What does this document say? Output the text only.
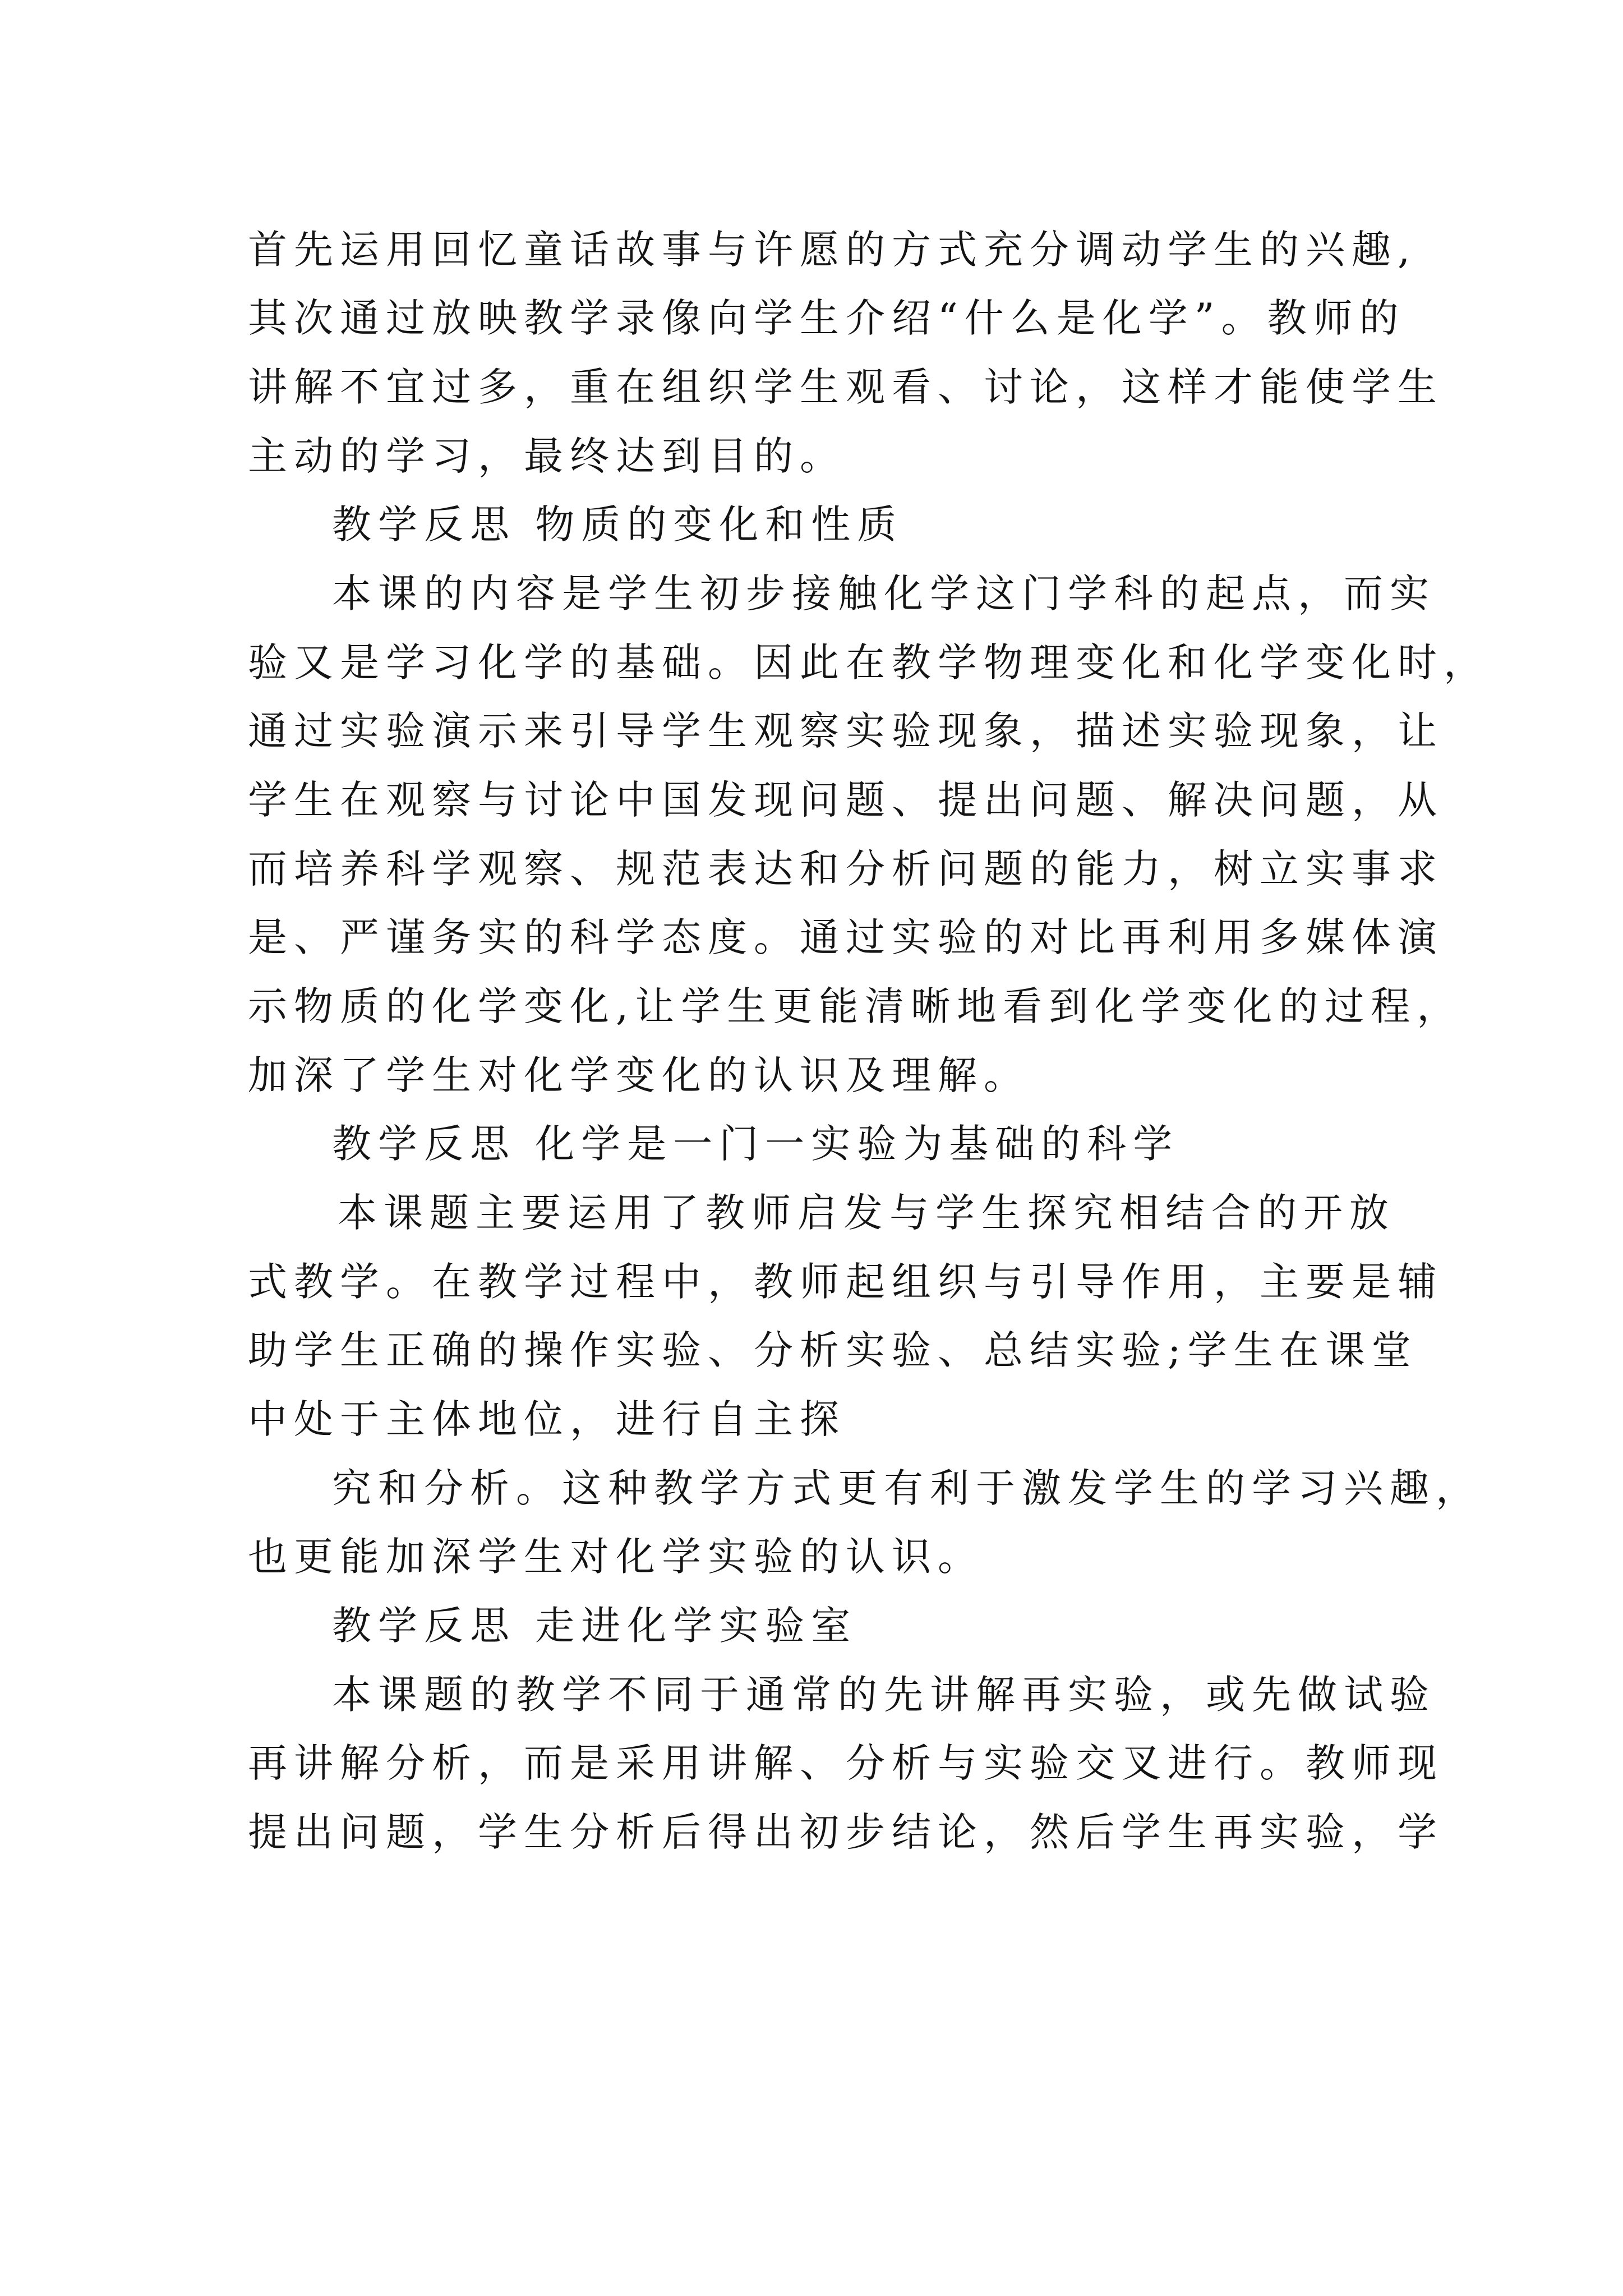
首先运用回忆童话故事与许愿的方式充分调动学生的兴趣,
其次通过放映教学录像向学生介绍“什么是化学”。教师的
讲解不宜过多，重在组织学生观看、讨论，这样才能使学生
主动的学习，最终达到目的。
教学反思 物质的变化和性质
本课的内容是学生初步接触化学这门学科的起点，而实
验又是学习化学的基础。因此在教学物理变化和化学变化时，
通过实验演示来引导学生观察实验现象，描述实验现象，让
学生在观察与讨论中国发现问题、提出问题、解决问题，从
而培养科学观察、规范表达和分析问题的能力，树立实事求
是、严谨务实的科学态度。通过实验的对比再利用多媒体演
示物质的化学变化,让学生更能清晰地看到化学变化的过程，
加深了学生对化学变化的认识及理解。
教学反思 化学是一门一实验为基础的科学
本课题主要运用了教师启发与学生探究相结合的开放
式教学。在教学过程中，教师起组织与引导作用，主要是辅
助学生正确的操作实验、分析实验、总结实验;学生在课堂
中处于主体地位，进行自主探
究和分析。这种教学方式更有利于激发学生的学习兴趣，
也更能加深学生对化学实验的认识。
教学反思 走进化学实验室
本课题的教学不同于通常的先讲解再实验，或先做试验
再讲解分析，而是采用讲解、分析与实验交叉进行。教师现
提出问题，学生分析后得出初步结论，然后学生再实验，学
